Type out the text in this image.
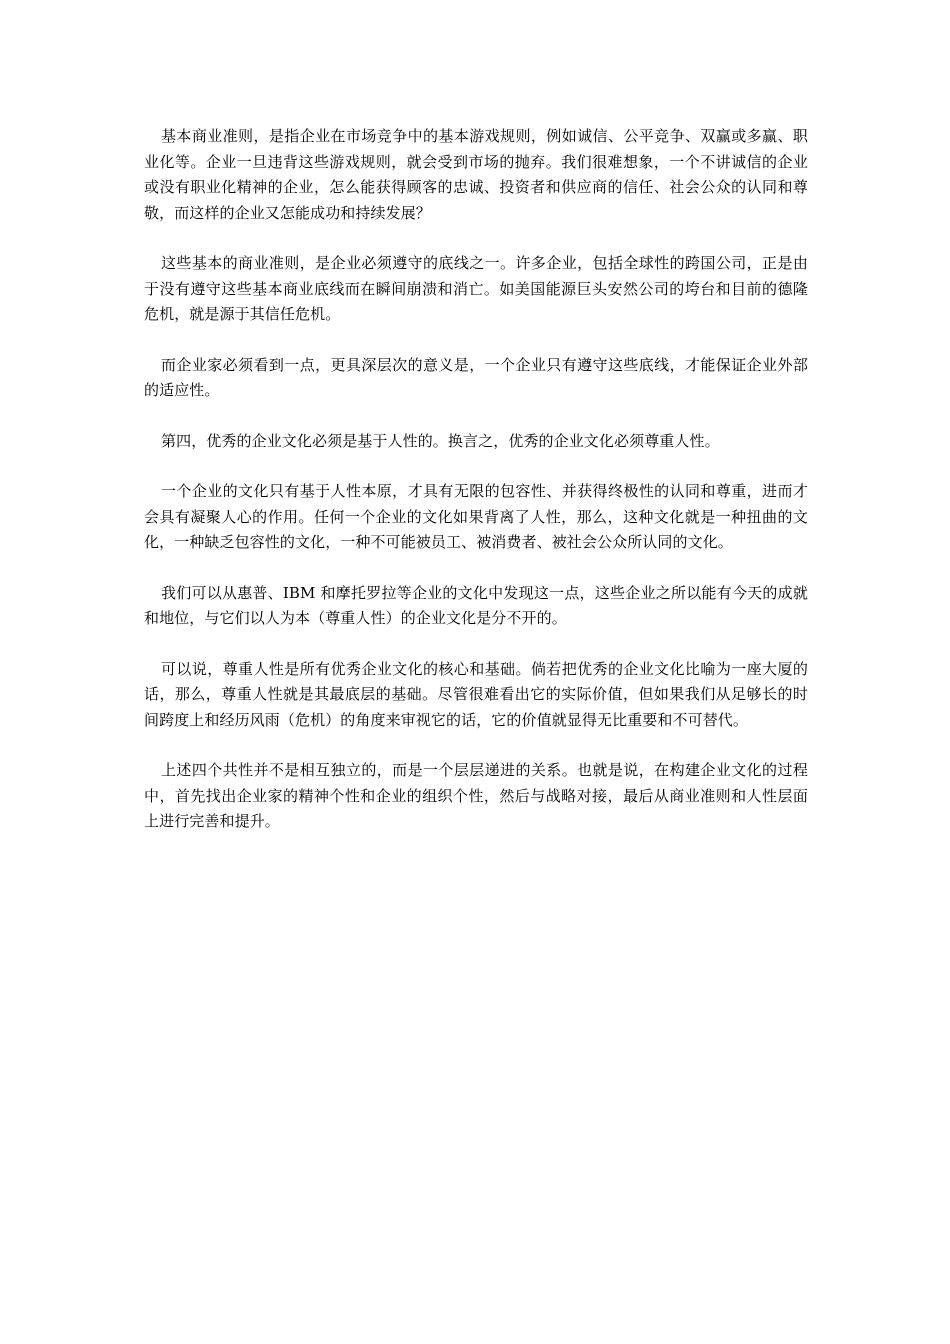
基本商业准则，是指企业在市场竞争中的基本游戏规则，例如诚信、公平竞争、双赢或多赢、职业化等。企业一旦违背这些游戏规则，就会受到市场的抛弃。我们很难想象，一个不讲诚信的企业或没有职业化精神的企业，怎么能获得顾客的忠诚、投资者和供应商的信任、社会公众的认同和尊敬，而这样的企业又怎能成功和持续发展？

这些基本的商业准则，是企业必须遵守的底线之一。许多企业，包括全球性的跨国公司，正是由于没有遵守这些基本商业底线而在瞬间崩溃和消亡。如美国能源巨头安然公司的垮台和目前的德隆危机，就是源于其信任危机。

而企业家必须看到一点，更具深层次的意义是，一个企业只有遵守这些底线，才能保证企业外部的适应性。

第四，优秀的企业文化必须是基于人性的。换言之，优秀的企业文化必须尊重人性。

一个企业的文化只有基于人性本原，才具有无限的包容性、并获得终极性的认同和尊重，进而才会具有凝聚人心的作用。任何一个企业的文化如果背离了人性，那么，这种文化就是一种扭曲的文化，一种缺乏包容性的文化，一种不可能被员工、被消费者、被社会公众所认同的文化。

我们可以从惠普、IBM 和摩托罗拉等企业的文化中发现这一点，这些企业之所以能有今天的成就和地位，与它们以人为本（尊重人性）的企业文化是分不开的。

可以说，尊重人性是所有优秀企业文化的核心和基础。倘若把优秀的企业文化比喻为一座大厦的话，那么，尊重人性就是其最底层的基础。尽管很难看出它的实际价值，但如果我们从足够长的时间跨度上和经历风雨（危机）的角度来审视它的话，它的价值就显得无比重要和不可替代。

上述四个共性并不是相互独立的，而是一个层层递进的关系。也就是说，在构建企业文化的过程中，首先找出企业家的精神个性和企业的组织个性，然后与战略对接，最后从商业准则和人性层面上进行完善和提升。
